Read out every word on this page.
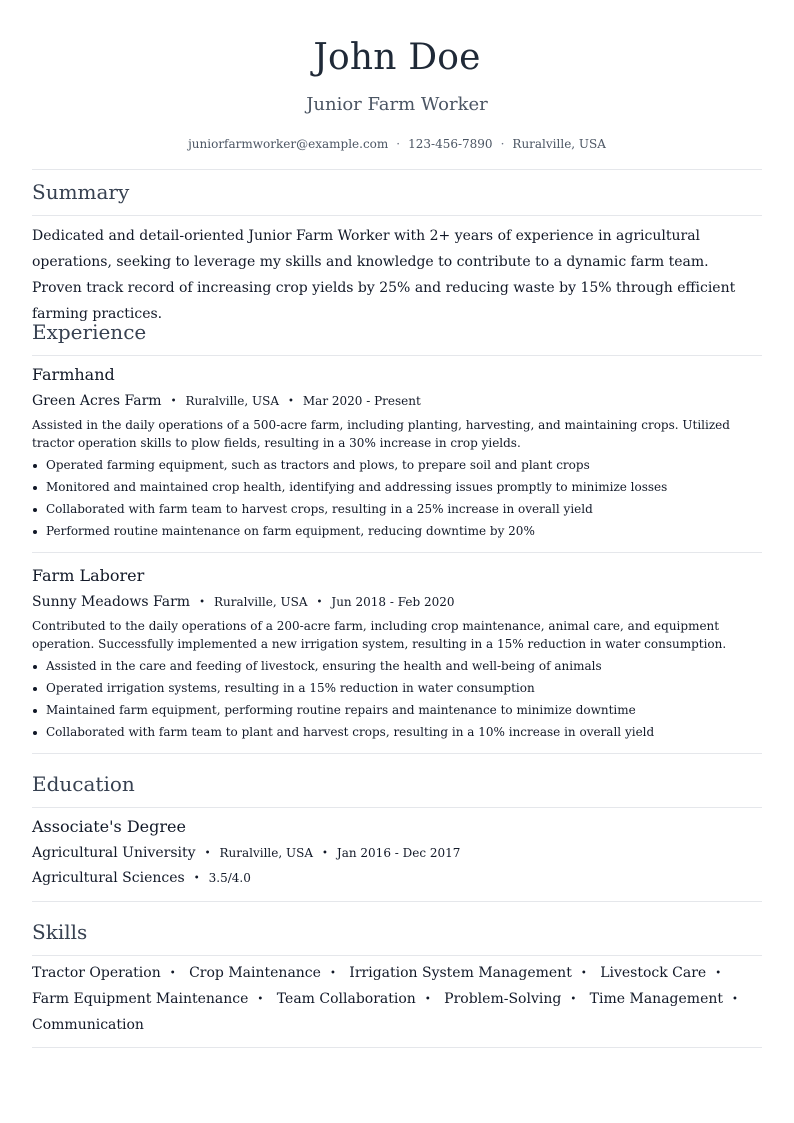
John Doe
Junior Farm Worker
juniorfarmworker@example.com · 123-456-7890 · Ruralville, USA
Summary

Dedicated and detail-oriented Junior Farm Worker with 2+ years of experience in agricultural operations, seeking to leverage my skills and knowledge to contribute to a dynamic farm team. Proven track record of increasing crop yields by 25% and reducing waste by 15% through efficient farming practices.

Experience
Farmhand
Green Acres Farm • Ruralville, USA • Mar 2020 - Present

Assisted in the daily operations of a 500-acre farm, including planting, harvesting, and maintaining crops. Utilized tractor operation skills to plow fields, resulting in a 30% increase in crop yields.

Operated farming equipment, such as tractors and plows, to prepare soil and plant crops
Monitored and maintained crop health, identifying and addressing issues promptly to minimize losses
Collaborated with farm team to harvest crops, resulting in a 25% increase in overall yield
Performed routine maintenance on farm equipment, reducing downtime by 20%
Farm Laborer
Sunny Meadows Farm • Ruralville, USA • Jun 2018 - Feb 2020

Contributed to the daily operations of a 200-acre farm, including crop maintenance, animal care, and equipment operation. Successfully implemented a new irrigation system, resulting in a 15% reduction in water consumption.

Assisted in the care and feeding of livestock, ensuring the health and well-being of animals
Operated irrigation systems, resulting in a 15% reduction in water consumption
Maintained farm equipment, performing routine repairs and maintenance to minimize downtime
Collaborated with farm team to plant and harvest crops, resulting in a 10% increase in overall yield
Education
Associate's Degree
Agricultural University • Ruralville, USA • Jan 2016 - Dec 2017
Agricultural Sciences • 3.5/4.0
Skills
Tractor Operation • Crop Maintenance • Irrigation System Management • Livestock Care •
Farm Equipment Maintenance • Team Collaboration • Problem-Solving • Time Management •
Communication
